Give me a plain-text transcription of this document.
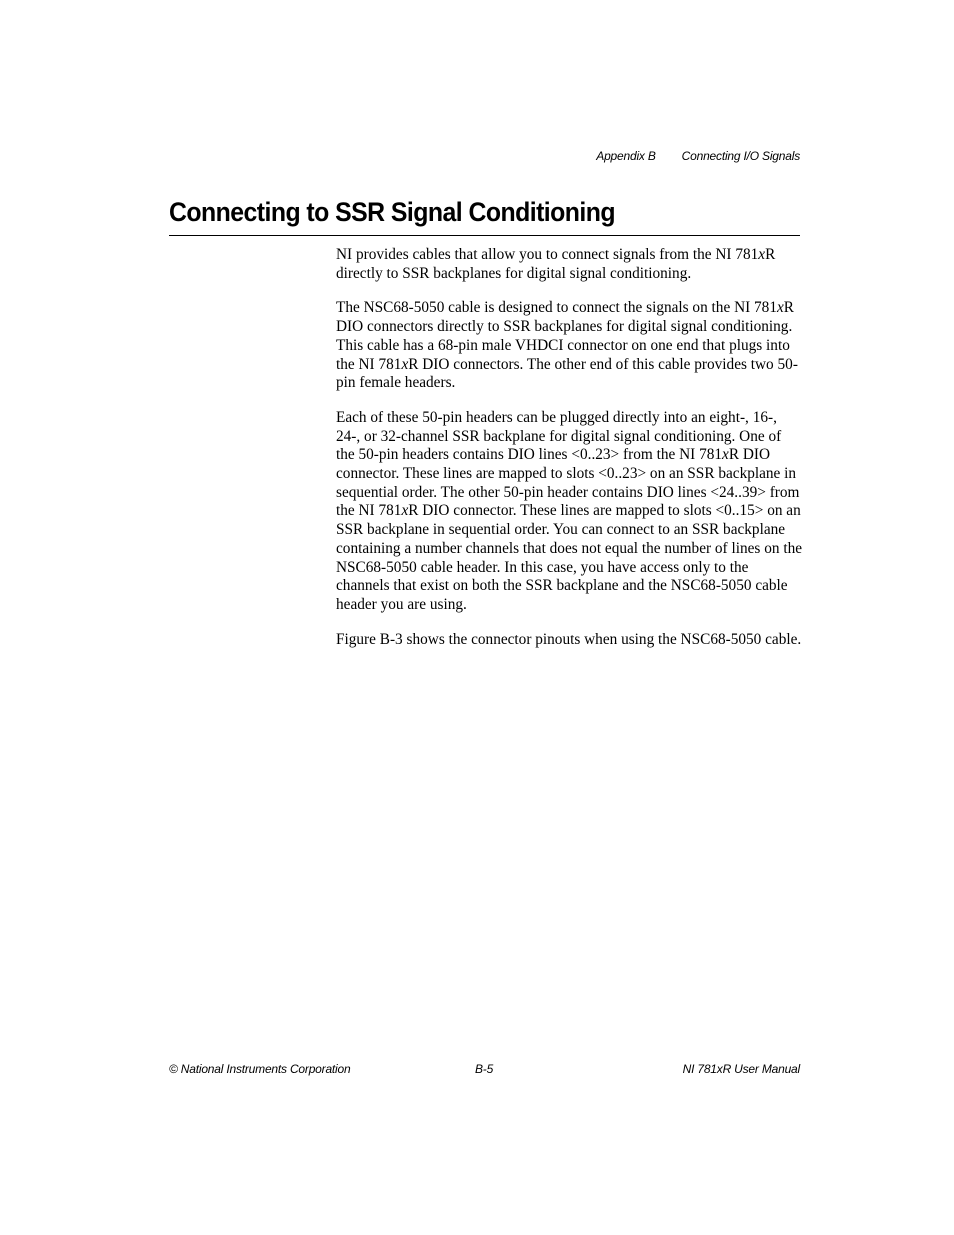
Appendix B Connecting I/O Signals
Connecting to SSR Signal Conditioning

NI provides cables that allow you to connect signals from the NI 781xR directly to SSR backplanes for digital signal conditioning.

The NSC68-5050 cable is designed to connect the signals on the NI 781xR DIO connectors directly to SSR backplanes for digital signal conditioning. This cable has a 68-pin male VHDCI connector on one end that plugs into the NI 781xR DIO connectors. The other end of this cable provides two 50-pin female headers.

Each of these 50-pin headers can be plugged directly into an eight-, 16-, 24-, or 32-channel SSR backplane for digital signal conditioning. One of the 50-pin headers contains DIO lines <0..23> from the NI 781xR DIO connector. These lines are mapped to slots <0..23> on an SSR backplane in sequential order. The other 50-pin header contains DIO lines <24..39> from the NI 781xR DIO connector. These lines are mapped to slots <0..15> on an SSR backplane in sequential order. You can connect to an SSR backplane containing a number channels that does not equal the number of lines on the NSC68-5050 cable header. In this case, you have access only to the channels that exist on both the SSR backplane and the NSC68-5050 cable header you are using.

Figure B-3 shows the connector pinouts when using the NSC68-5050 cable.

© National Instruments Corporation	B-5	NI 781xR User Manual
